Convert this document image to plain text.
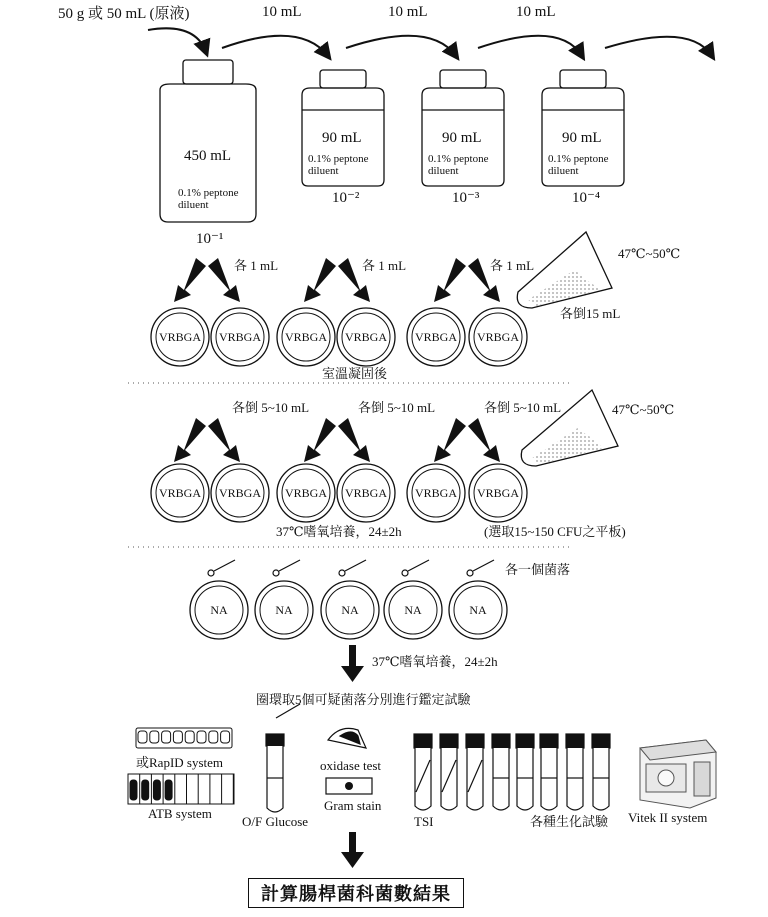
50 g 或 50 mL (原液)	10 mL	10 mL	10 mL
450 mL
0.1% peptone
diluent
10⁻¹
90 mL
0.1% peptone
diluent
10⁻²
90 mL
0.1% peptone
diluent
10⁻³
90 mL
0.1% peptone
diluent
10⁻⁴
各 1 mL	各 1 mL	各 1 mL
47℃~50℃
各倒15 mL
VRBGA VRBGA VRBGA VRBGA VRBGA VRBGA
室溫凝固後
各倒 5~10 mL	各倒 5~10 mL	各倒 5~10 mL	47℃~50℃
VRBGA VRBGA VRBGA VRBGA VRBGA VRBGA
37℃嗜氧培養，24±2h	(選取15~150 CFU之平板)
各一個菌落
NA	NA	NA	NA	NA
37℃嗜氧培養，24±2h
圈環取5個可疑菌落分別進行鑑定試驗
或RapID system
ATB system
O/F Glucose
oxidase test
Gram stain
TSI	各種生化試驗 Vitek II system
計算腸桿菌科菌數結果
